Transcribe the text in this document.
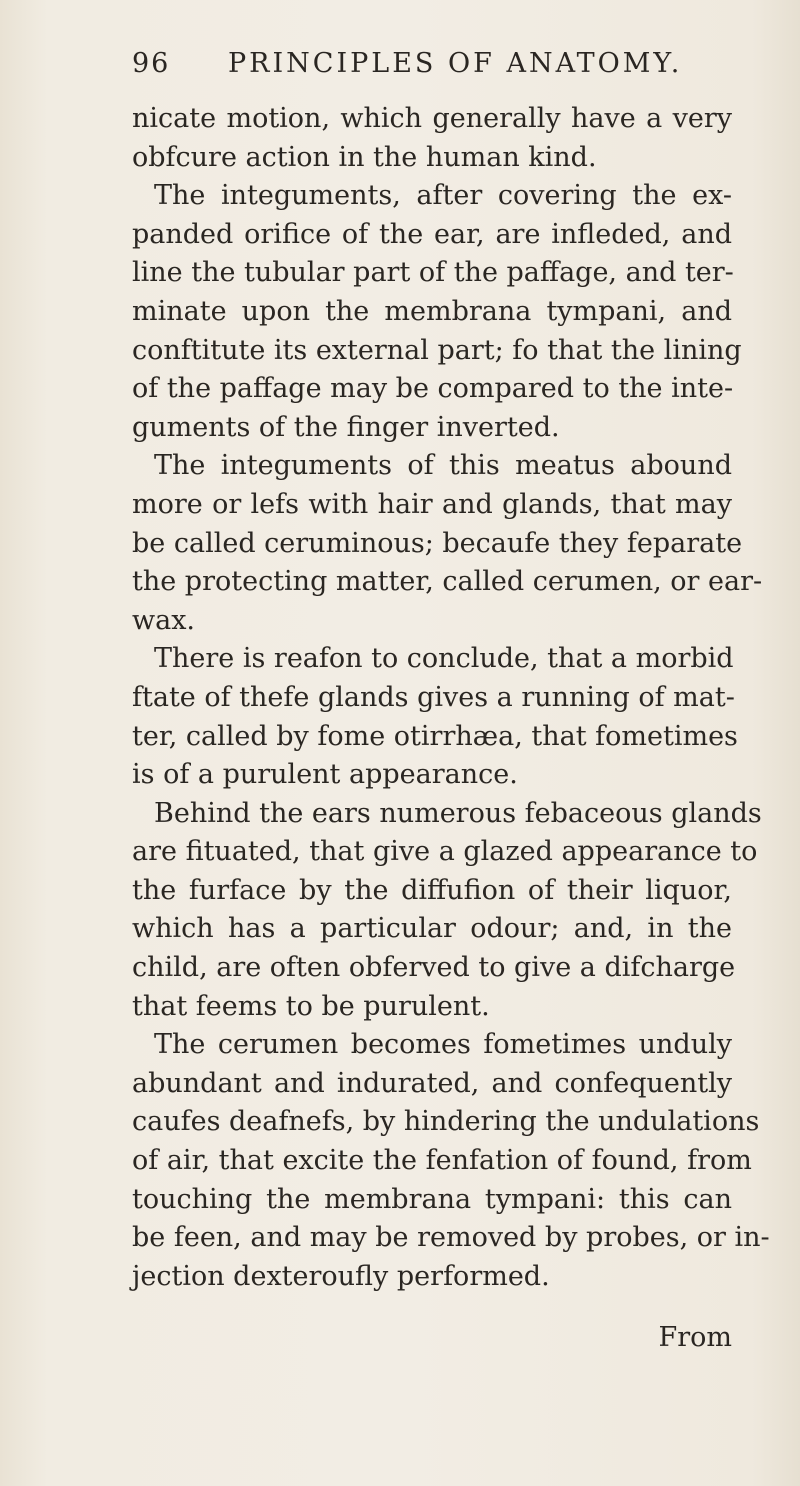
96 PRINCIPLES OF ANATOMY.
nicate motion, which generally have a very
obfcure action in the human kind.
The integuments, after covering the ex-
panded orifice of the ear, are infleded, and
line the tubular part of the paffage, and ter-
minate upon the membrana tympani, and
conftitute its external part; fo that the lining
of the paffage may be compared to the inte-
guments of the finger inverted.
The integuments of this meatus abound
more or lefs with hair and glands, that may
be called ceruminous; becaufe they feparate
the protecting matter, called cerumen, or ear-
wax.
There is reafon to conclude, that a morbid
ftate of thefe glands gives a running of mat-
ter, called by fome otirrhæa, that fometimes
is of a purulent appearance.
Behind the ears numerous febaceous glands
are fituated, that give a glazed appearance to
the furface by the diffufion of their liquor,
which has a particular odour; and, in the
child, are often obferved to give a difcharge
that feems to be purulent.
The cerumen becomes fometimes unduly
abundant and indurated, and confequently
caufes deafnefs, by hindering the undulations
of air, that excite the fenfation of found, from
touching the membrana tympani: this can
be feen, and may be removed by probes, or in-
jection dexteroufly performed.
From
